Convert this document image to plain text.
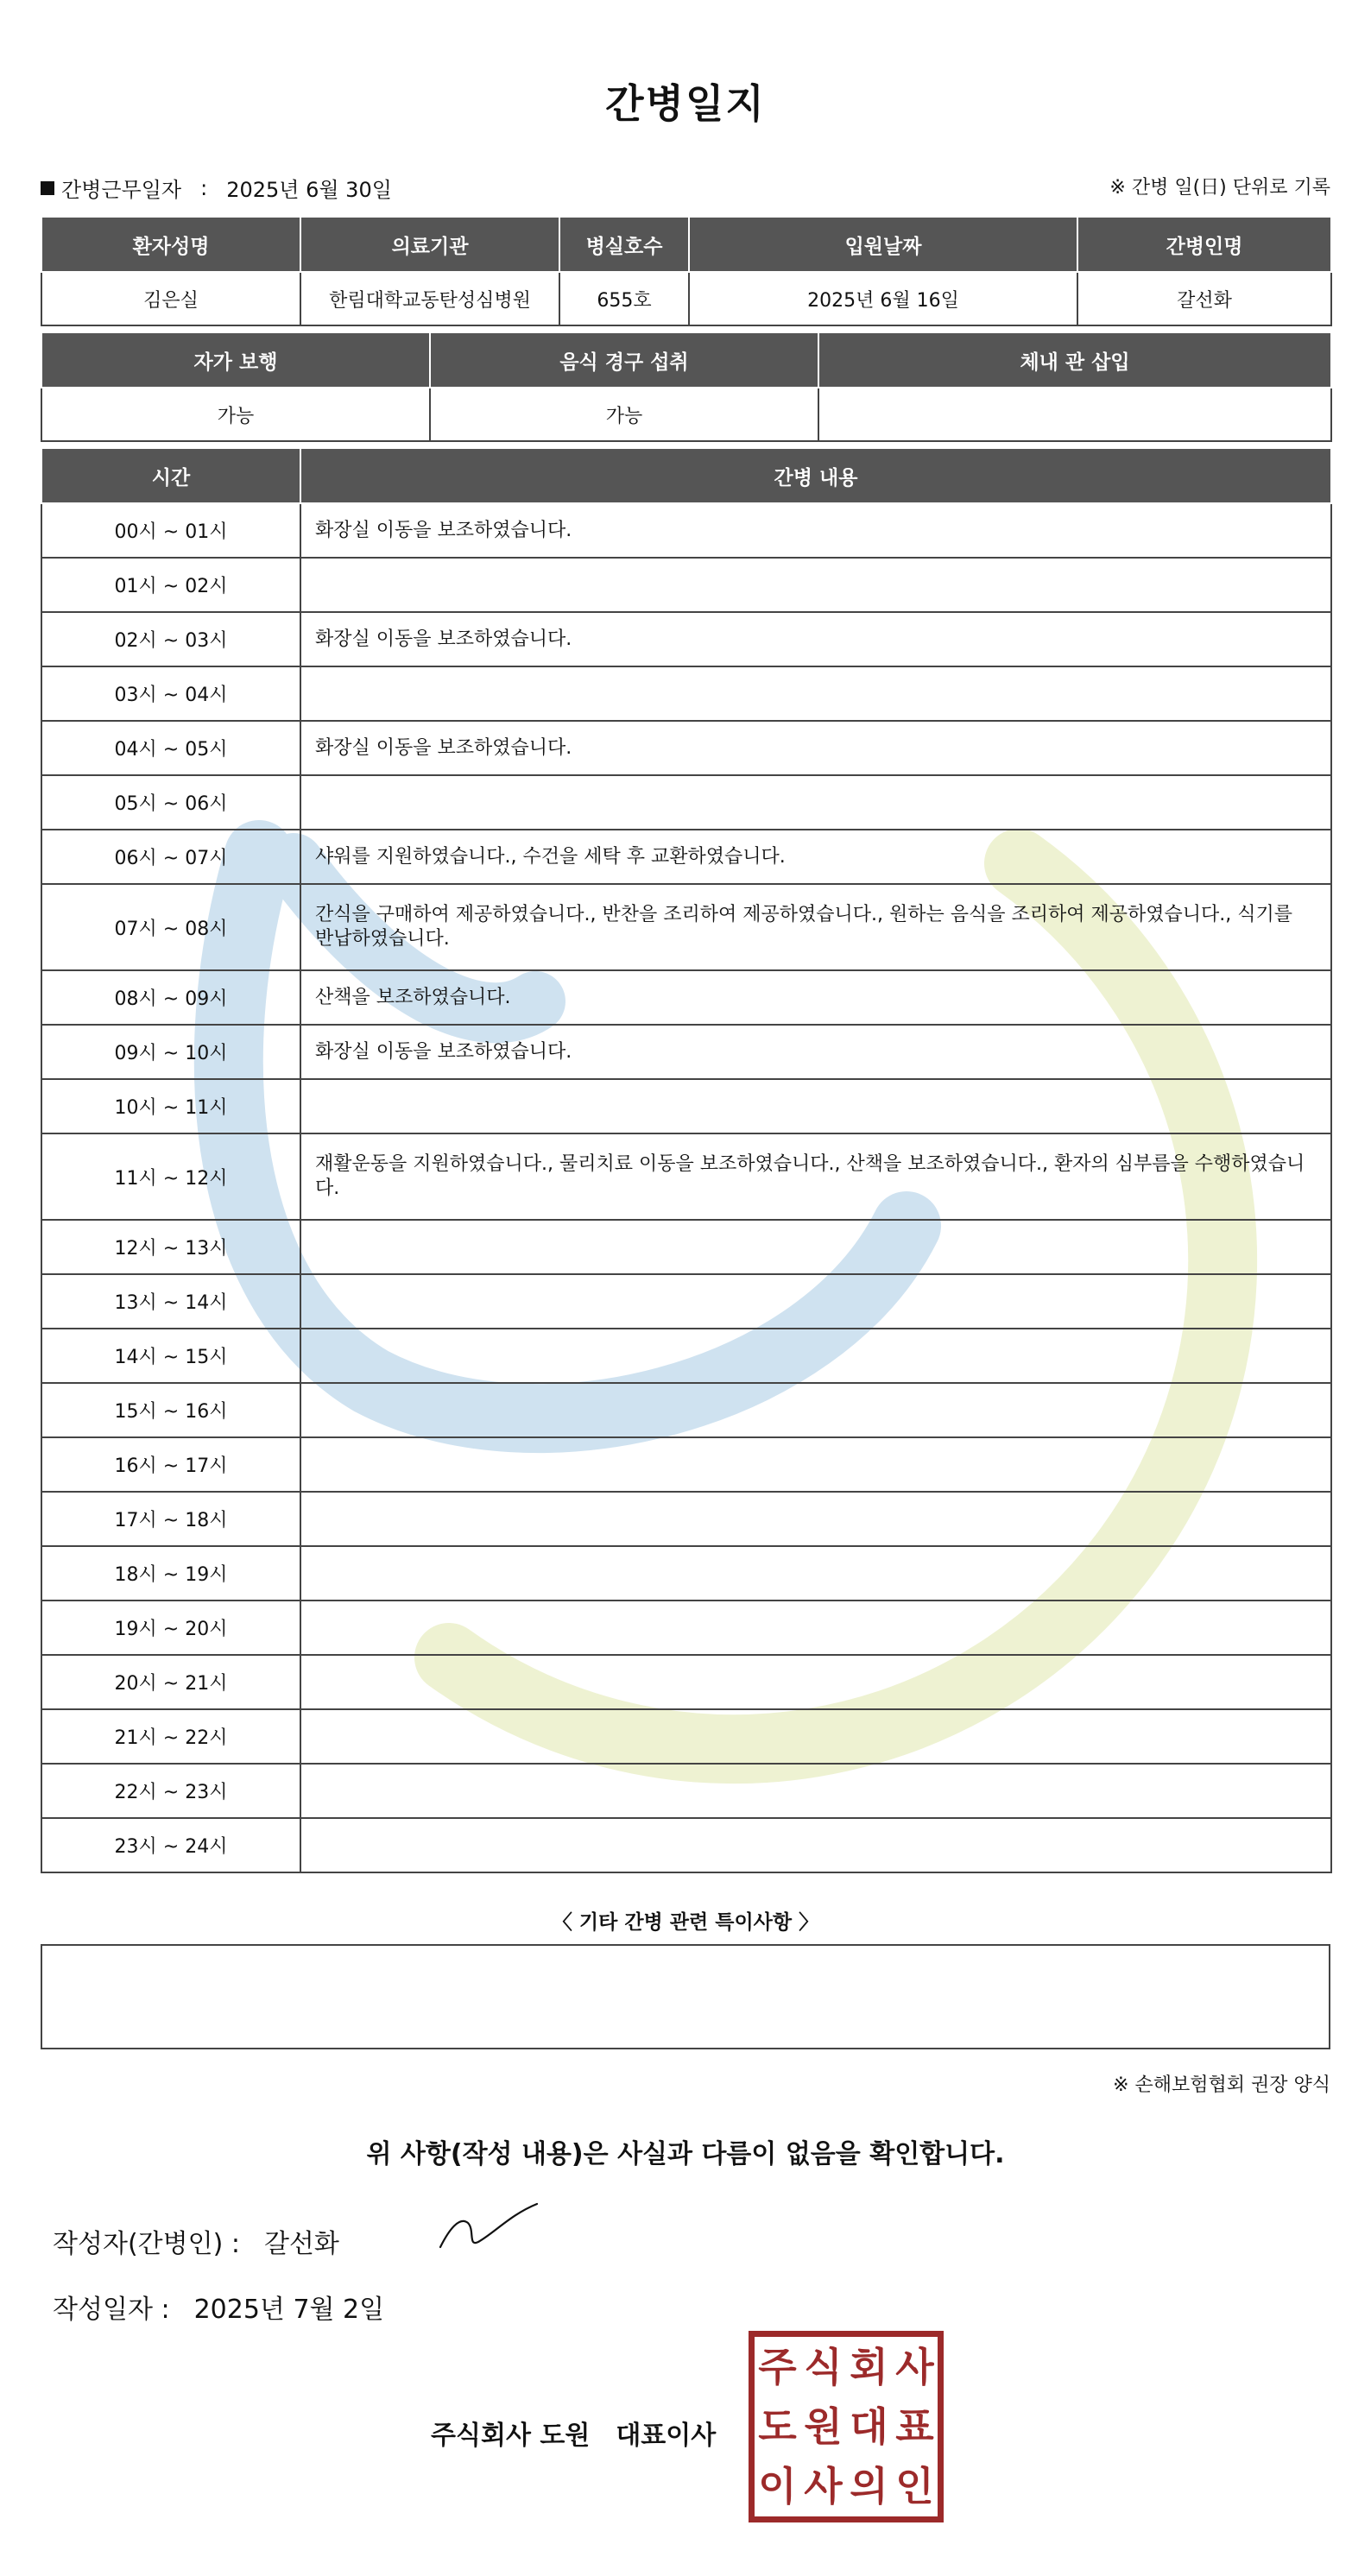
간병일지
간병근무일자 : 2025년 6월 30일	※ 간병 일(日) 단위로 기록
환자성명	의료기관	병실호수	입원날짜	간병인명
김은실	한림대학교동탄성심병원	655호	2025년 6월 16일	갈선화
자가 보행	음식 경구 섭취	체내 관 삽입
가능	가능	
시간	간병 내용
00시 ~ 01시	화장실 이동을 보조하였습니다.
01시 ~ 02시	
02시 ~ 03시	화장실 이동을 보조하였습니다.
03시 ~ 04시	
04시 ~ 05시	화장실 이동을 보조하였습니다.
05시 ~ 06시	
06시 ~ 07시	샤워를 지원하였습니다., 수건을 세탁 후 교환하였습니다.
07시 ~ 08시	간식을 구매하여 제공하였습니다., 반찬을 조리하여 제공하였습니다., 원하는 음식을 조리하여 제공하였습니다., 식기를 반납하였습니다.
08시 ~ 09시	산책을 보조하였습니다.
09시 ~ 10시	화장실 이동을 보조하였습니다.
10시 ~ 11시	
11시 ~ 12시	재활운동을 지원하였습니다., 물리치료 이동을 보조하였습니다., 산책을 보조하였습니다., 환자의 심부름을 수행하였습니다.
12시 ~ 13시	
13시 ~ 14시	
14시 ~ 15시	
15시 ~ 16시	
16시 ~ 17시	
17시 ~ 18시	
18시 ~ 19시	
19시 ~ 20시	
20시 ~ 21시	
21시 ~ 22시	
22시 ~ 23시	
23시 ~ 24시	
〈 기타 간병 관련 특이사항 〉
※ 손해보험협회 권장 양식
위 사항(작성 내용)은 사실과 다름이 없음을 확인합니다.
작성자(간병인) : 갈선화
작성일자 : 2025년 7월 2일
주식회사 도원 대표이사
주 식 회 사
도 원 대 표
이 사 의 인
